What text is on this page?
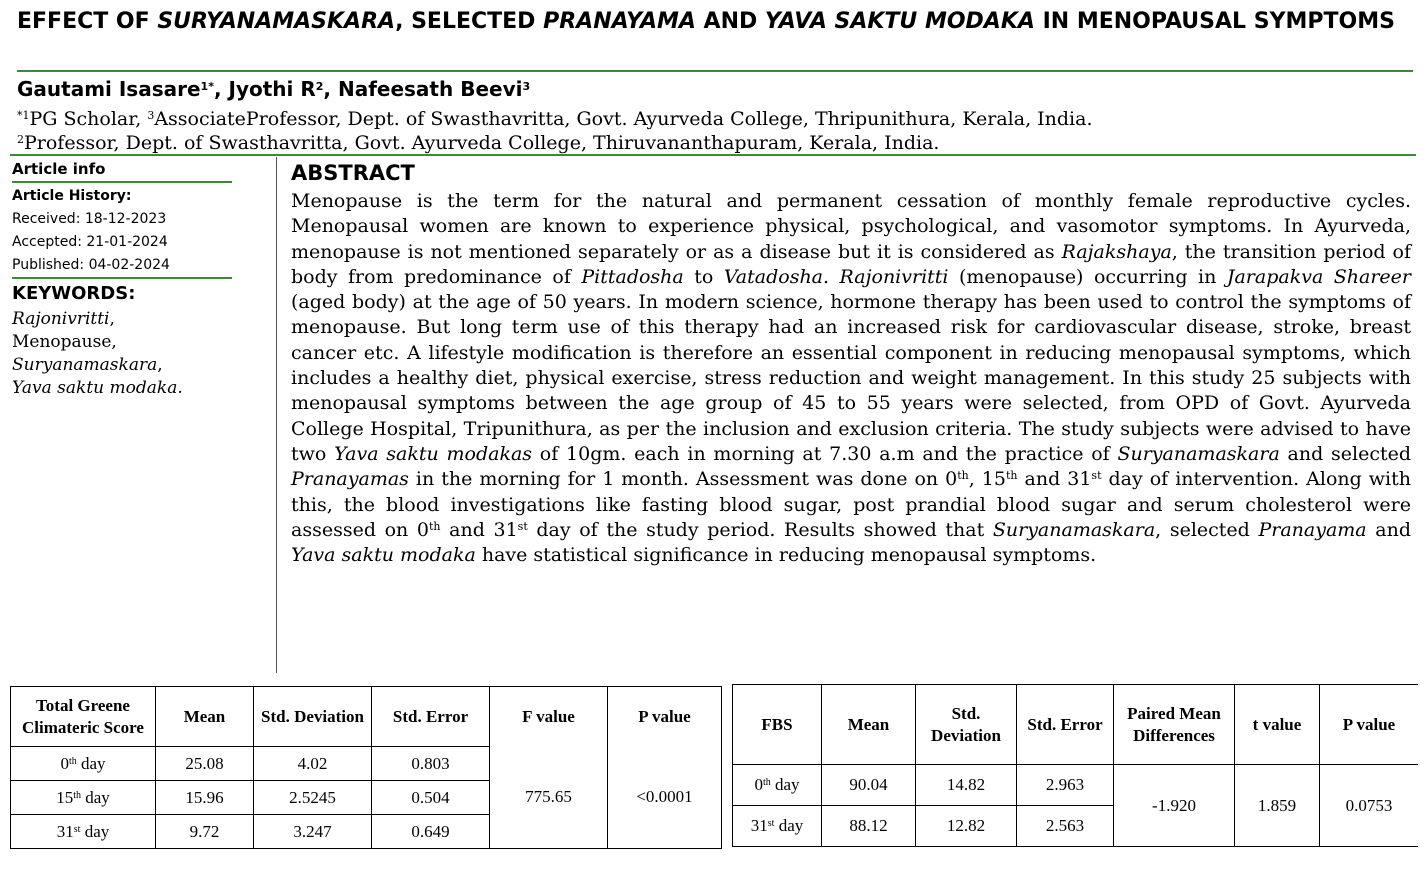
EFFECT OF SURYANAMASKARA, SELECTED PRANAYAMA AND YAVA SAKTU MODAKA IN MENOPAUSAL SYMPTOMS
Gautami Isasare$^{1*}$, Jyothi $R^2$, Nafeesath Beevi$^3$
$^{*1}$PG Scholar, $^3$AssociateProfessor, Dept. of Swasthavritta, Govt. Ayurveda College, Thripunithura, Kerala, India.
$^2$Professor, Dept. of Swasthavritta, Govt. Ayurveda College, Thiruvananthapuram, Kerala, India.
Article info
Article History:
Received: 18-12-2023
Accepted: 21-01-2024
Published: 04-02-2024
KEYWORDS:
Rajonivritti,
Menopause,
Suryanamaskara,
Yava saktu modaka.
ABSTRACT
Menopause is the term for the natural and permanent cessation of monthly female reproductive cycles. Menopausal women are known to experience physical, psychological, and vasomotor symptoms. In Ayurveda, menopause is not mentioned separately or as a disease but it is considered as Rajakshaya, the transition period of body from predominance of Pittadosha to Vatadosha. Rajonivritti (menopause) occurring in Jarapakva Shareer (aged body) at the age of 50 years. In modern science, hormone therapy has been used to control the symptoms of menopause. But long term use of this therapy had an increased risk for cardiovascular disease, stroke, breast cancer etc. A lifestyle modification is therefore an essential component in reducing menopausal symptoms, which includes a healthy diet, physical exercise, stress reduction and weight management. In this study 25 subjects with menopausal symptoms between the age group of 45 to 55 years were selected, from OPD of Govt. Ayurveda College Hospital, Tripunithura, as per the inclusion and exclusion criteria. The study subjects were advised to have two Yava saktu modakas of 10gm. each in morning at 7.30 a.m and the practice of Suryanamaskara and selected Pranayamas in the morning for 1 month. Assessment was done on 0th, 15th and 31st day of intervention. Along with this, the blood investigations like fasting blood sugar, post prandial blood sugar and serum cholesterol were assessed on 0th and 31st day of the study period. Results showed that Suryanamaskara, selected Pranayama and Yava saktu modaka have statistical significance in reducing menopausal symptoms.
Total Greene Climateric Score	Mean	Std. Deviation	Std. Error	F value	P value
0th day	25.08	4.02	0.803	775.65	<0.0001
15th day	15.96	2.5245	0.504		
31st day	9.72	3.247	0.649		
FBS	Mean	Std. Deviation	Std. Error	Paired Mean Differences	t value	P value
0th day	90.04	14.82	2.963	-1.920	1.859	0.0753
31st day	88.12	12.82	2.563			
